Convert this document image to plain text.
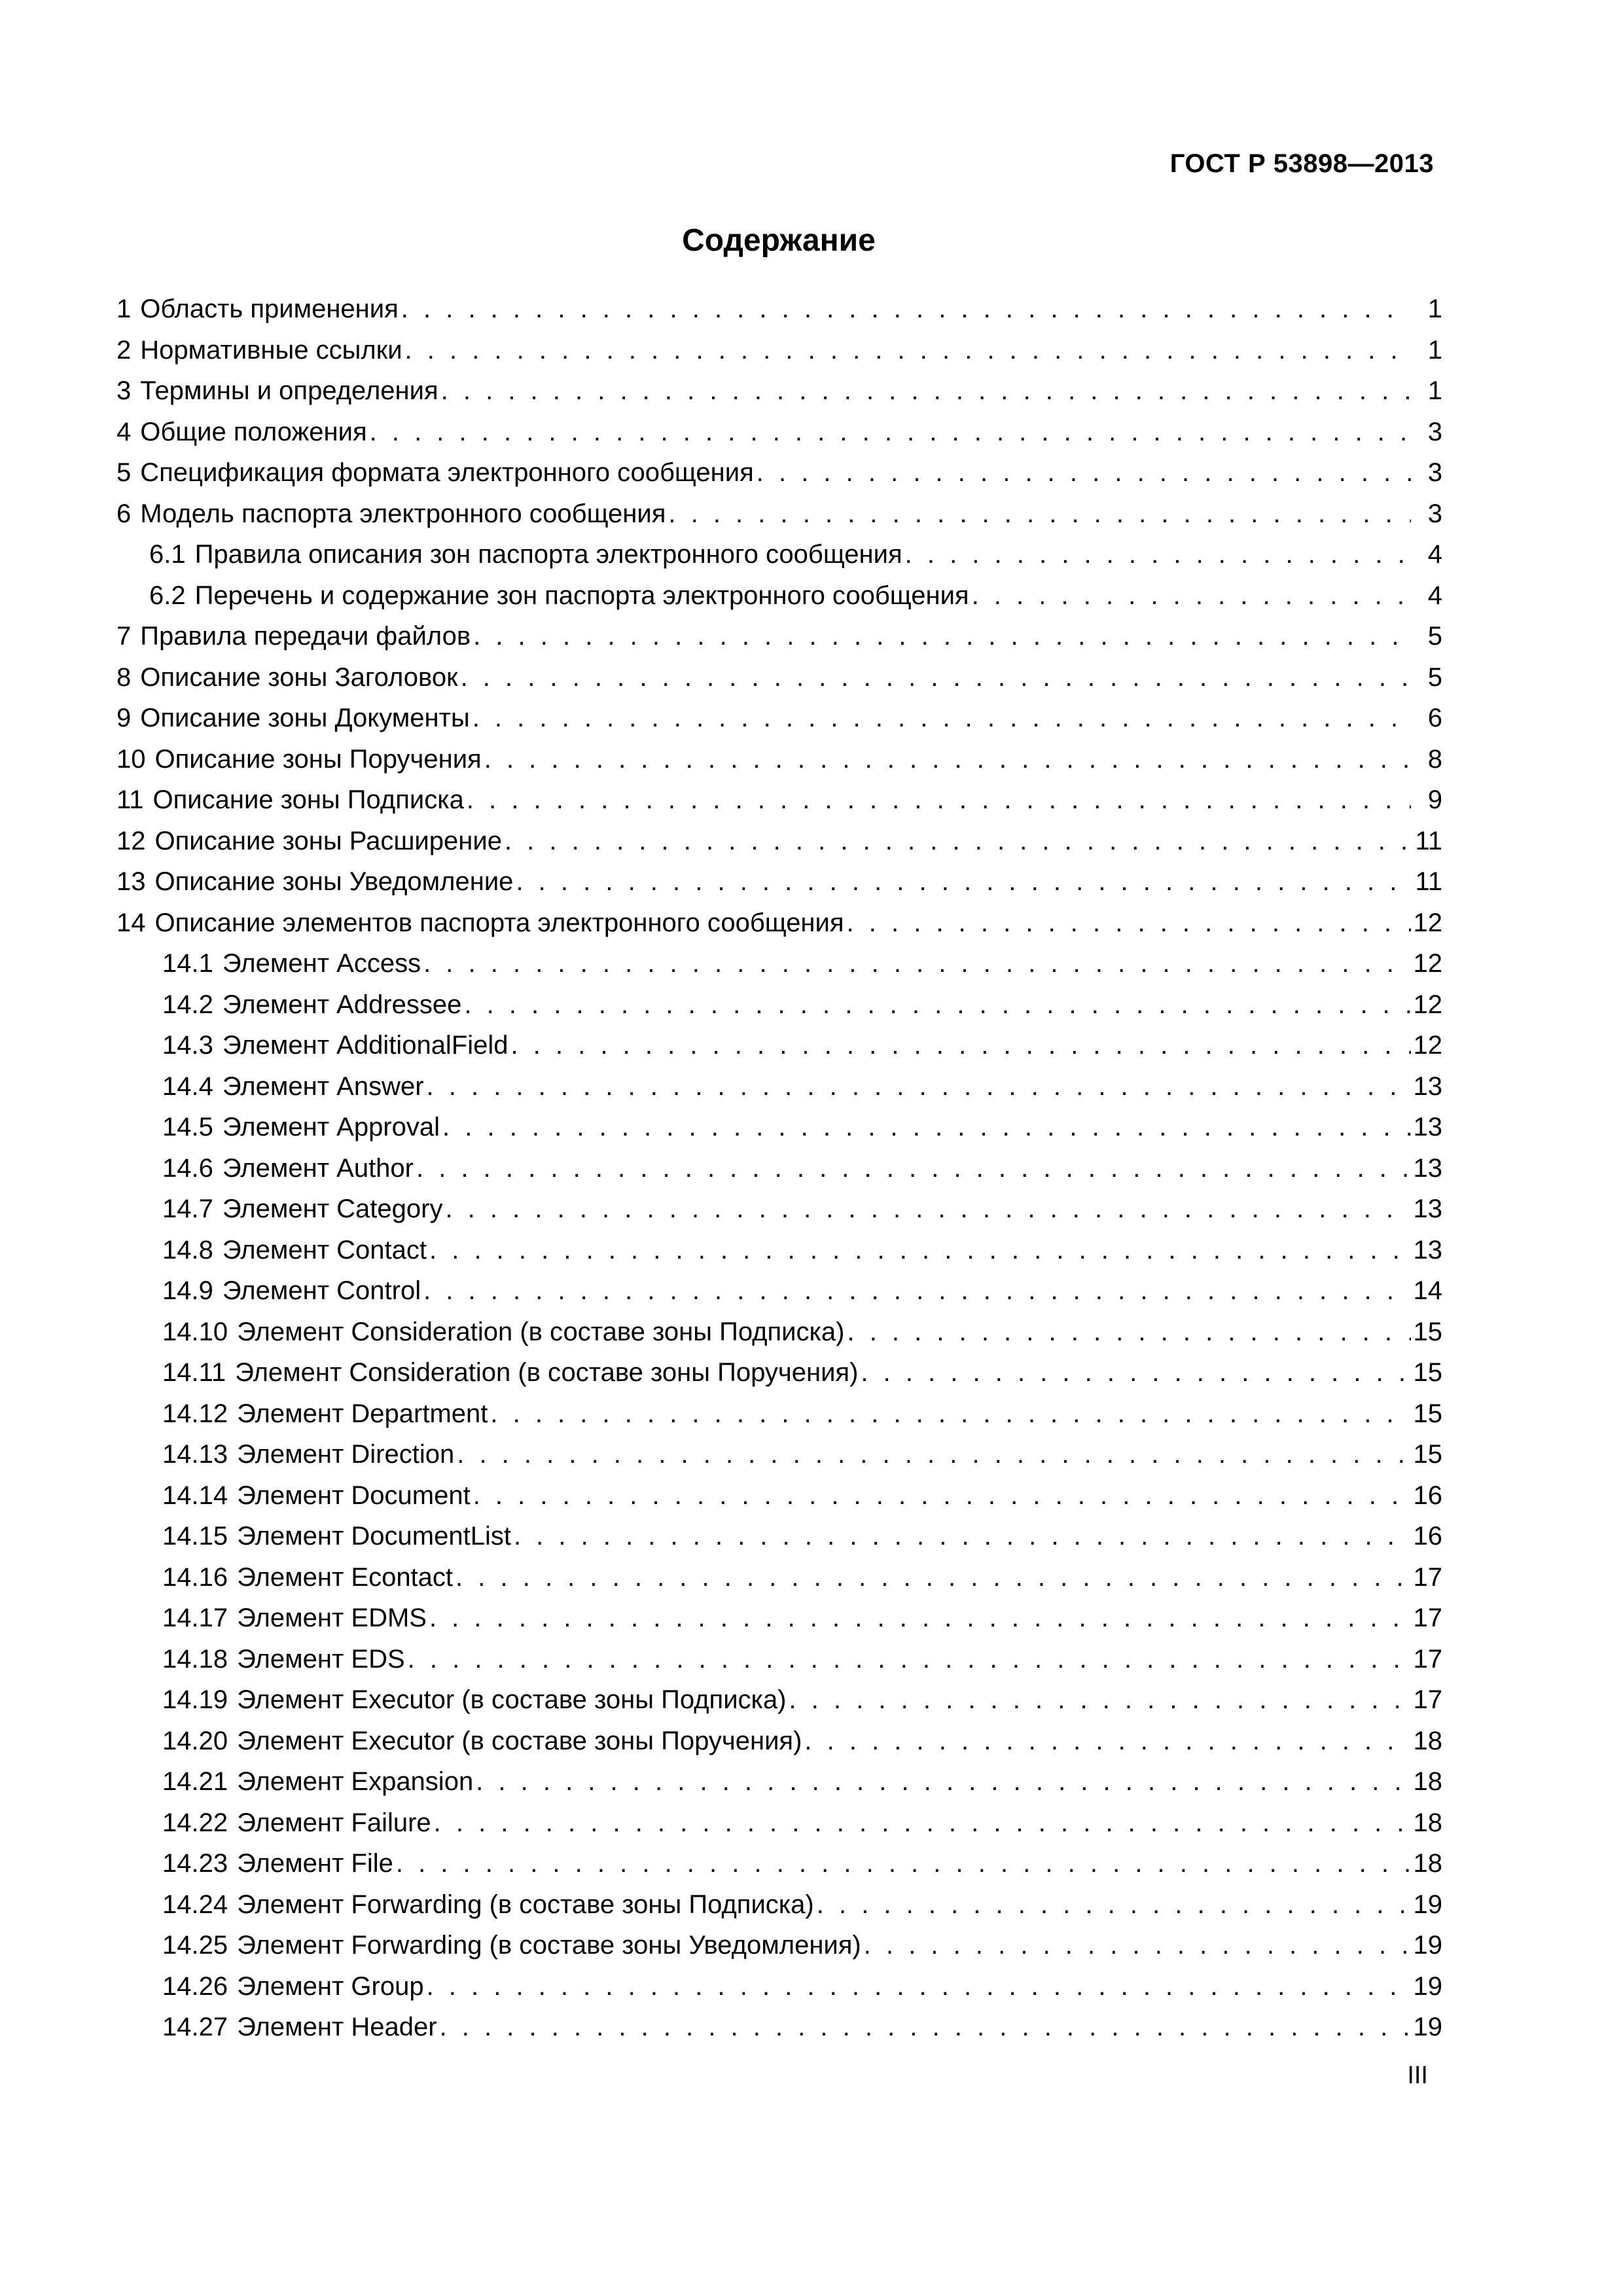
ГОСТ Р 53898—2013
Содержание
1 Область применения . . .	1
2 Нормативные ссылки . . .	1
3 Термины и определения . . .	1
4 Общие положения . . .	3
5 Спецификация формата электронного сообщения . . .	3
6 Модель паспорта электронного сообщения . . .	3
6.1 Правила описания зон паспорта электронного сообщения . . .	4
6.2 Перечень и содержание зон паспорта электронного сообщения . . .	4
7 Правила передачи файлов . . .	5
8 Описание зоны Заголовок . . .	5
9 Описание зоны Документы . . .	6
10 Описание зоны Поручения . . .	8
11 Описание зоны Подписка . . .	9
12 Описание зоны Расширение . . .	11
13 Описание зоны Уведомление . . .	11
14 Описание элементов паспорта электронного сообщения . . .	12
14.1 Элемент Access . . .	12
14.2 Элемент Addressee . . .	12
14.3 Элемент AdditionalField . . .	12
14.4 Элемент Answer . . .	13
14.5 Элемент Approval . . .	13
14.6 Элемент Author . . .	13
14.7 Элемент Category . . .	13
14.8 Элемент Contact . . .	13
14.9 Элемент Control . . .	14
14.10 Элемент Consideration (в составе зоны Подписка) . . .	15
14.11 Элемент Consideration (в составе зоны Поручения) . . .	15
14.12 Элемент Department . . .	15
14.13 Элемент Direction . . .	15
14.14 Элемент Document . . .	16
14.15 Элемент DocumentList . . .	16
14.16 Элемент Econtact . . .	17
14.17 Элемент EDMS . . .	17
14.18 Элемент EDS . . .	17
14.19 Элемент Executor (в составе зоны Подписка) . . .	17
14.20 Элемент Executor (в составе зоны Поручения) . . .	18
14.21 Элемент Expansion . . .	18
14.22 Элемент Failure . . .	18
14.23 Элемент File . . .	18
14.24 Элемент Forwarding (в составе зоны Подписка) . . .	19
14.25 Элемент Forwarding (в составе зоны Уведомления) . . .	19
14.26 Элемент Group . . .	19
14.27 Элемент Header . . .	19
III
